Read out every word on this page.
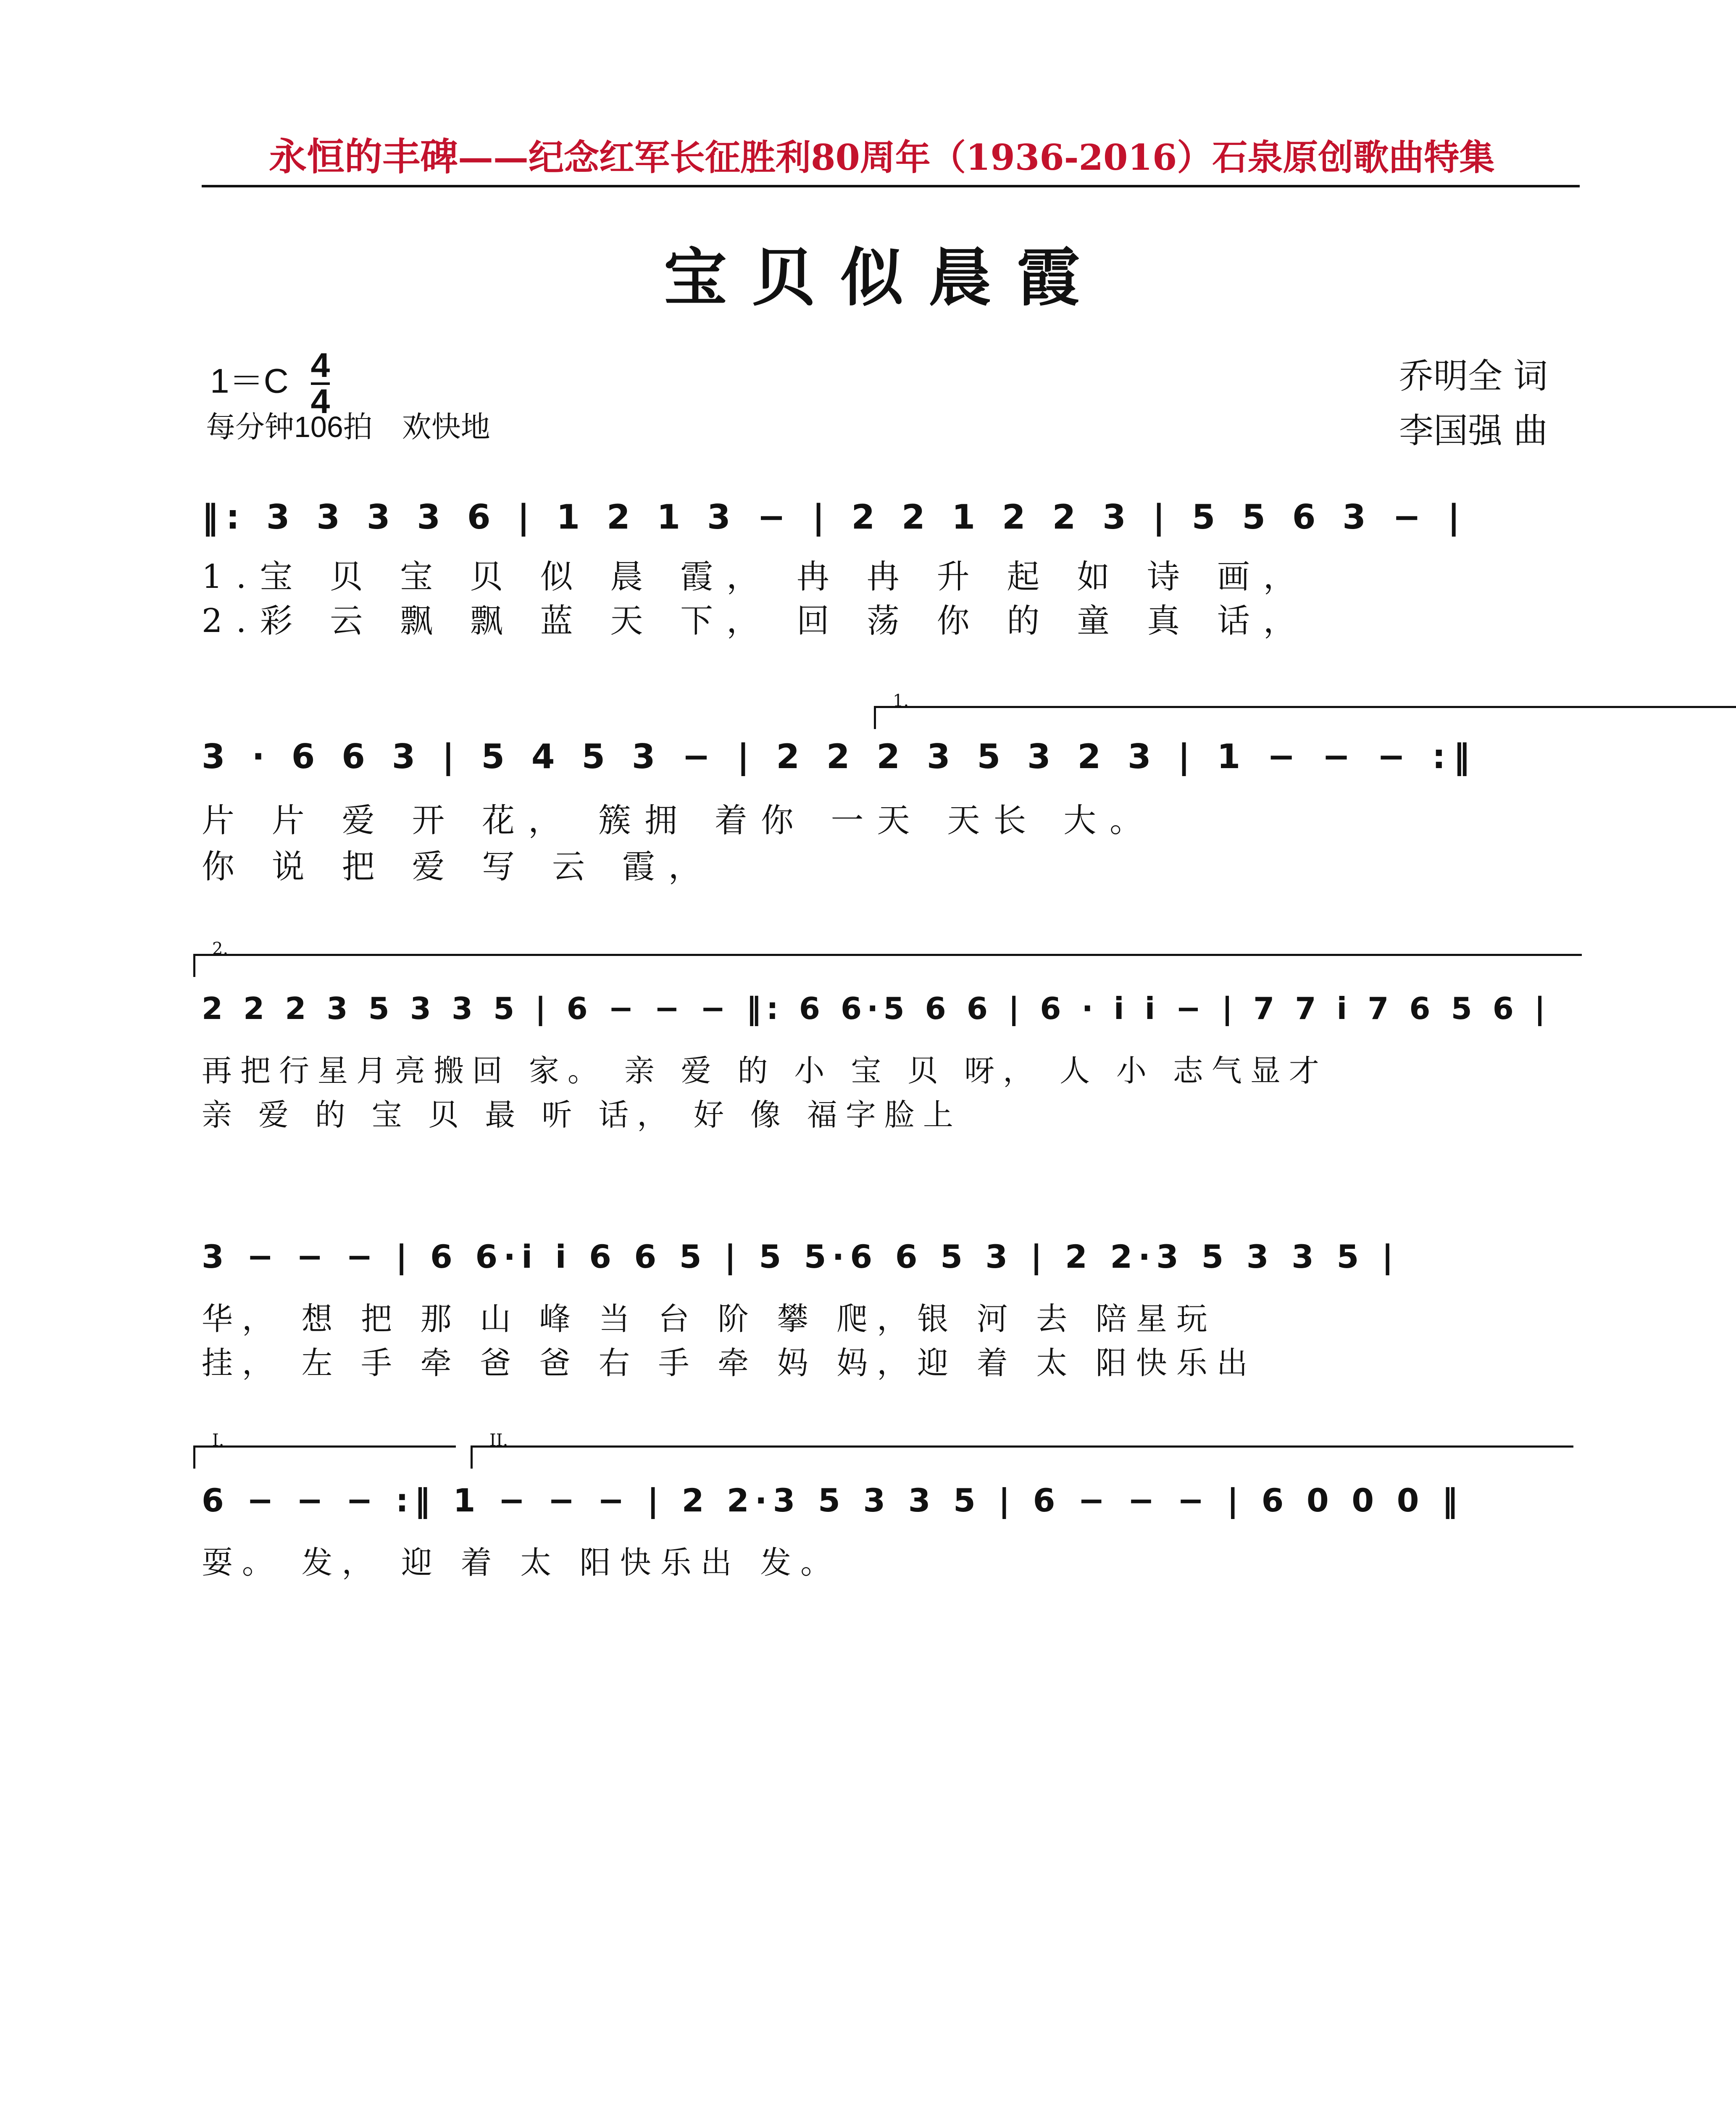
永恒的丰碑——纪念红军长征胜利80周年（1936-2016）石泉原创歌曲特集
宝贝似晨霞
$1=C \frac{4}{4}$
每分钟106拍　欢快地
乔明全 词
李国强 曲
‖: 3 3 3 3 6 | 1 2 1 3 − | 2 2 1 2 2 3 | 5 5 6 3 − |
1.宝 贝 宝 贝 似 晨 霞， 冉 冉 升 起 如 诗 画，
2.彩 云 飘 飘 蓝 天 下， 回 荡 你 的 童 真 话，
1.
3 · 6 6 3 | 5 4 5 3 − | 2 2 2 3 5 3 2 3 | 1 − − − :‖
片 片 爱 开 花， 簇拥 着你 一天 天长 大。
你 说 把 爱 写 云 霞，
2.
2 2 2 3 5 3 3 5 | 6 − − − ‖: 6 6·5 6 6 | 6 · i i − | 7 7 i 7 6 5 6 |
再把行星月亮搬回 家。 亲 爱 的 小 宝 贝 呀， 人 小 志气显才
亲 爱 的 宝 贝 最 听 话， 好 像 福字脸上
3 − − − | 6 6·i i 6 6 5 | 5 5·6 6 5 3 | 2 2·3 5 3 3 5 |
华， 想 把 那 山 峰 当 台 阶 攀 爬，银 河 去 陪星玩
挂， 左 手 牵 爸 爸 右 手 牵 妈 妈，迎 着 太 阳快乐出
I.	II.
6 − − − :‖ 1 − − − | 2 2·3 5 3 3 5 | 6 − − − | 6 0 0 0 ‖
耍。 发， 迎 着 太 阳快乐出 发。
